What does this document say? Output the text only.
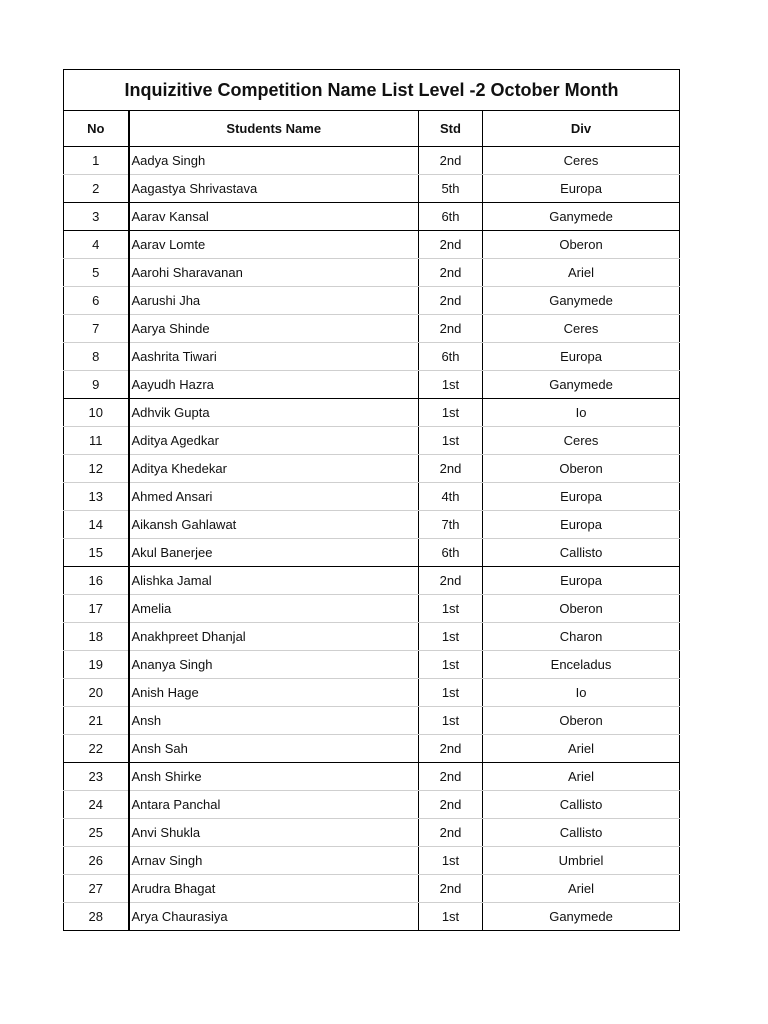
Inquizitive Competition Name List Level -2 October Month			
No	Students Name	Std	Div
1	Aadya Singh	2nd	Ceres
2	Aagastya Shrivastava	5th	Europa
3	Aarav Kansal	6th	Ganymede
4	Aarav Lomte	2nd	Oberon
5	Aarohi Sharavanan	2nd	Ariel
6	Aarushi Jha	2nd	Ganymede
7	Aarya Shinde	2nd	Ceres
8	Aashrita Tiwari	6th	Europa
9	Aayudh Hazra	1st	Ganymede
10	Adhvik Gupta	1st	Io
11	Aditya Agedkar	1st	Ceres
12	Aditya Khedekar	2nd	Oberon
13	Ahmed Ansari	4th	Europa
14	Aikansh Gahlawat	7th	Europa
15	Akul Banerjee	6th	Callisto
16	Alishka Jamal	2nd	Europa
17	Amelia	1st	Oberon
18	Anakhpreet Dhanjal	1st	Charon
19	Ananya Singh	1st	Enceladus
20	Anish Hage	1st	Io
21	Ansh	1st	Oberon
22	Ansh Sah	2nd	Ariel
23	Ansh Shirke	2nd	Ariel
24	Antara Panchal	2nd	Callisto
25	Anvi Shukla	2nd	Callisto
26	Arnav Singh	1st	Umbriel
27	Arudra Bhagat	2nd	Ariel
28	Arya Chaurasiya	1st	Ganymede
